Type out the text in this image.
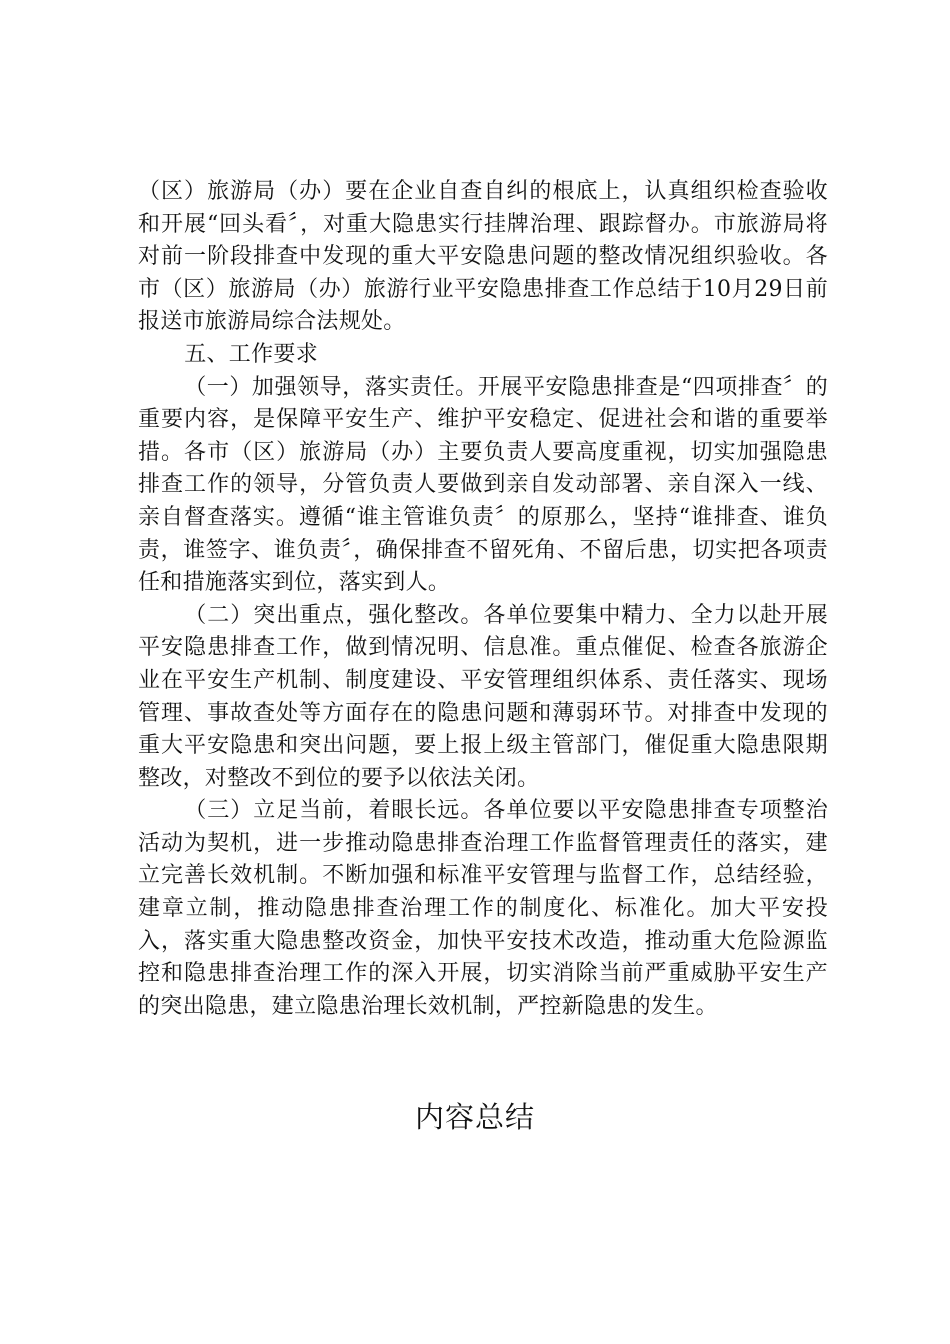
（区）旅游局（办）要在企业自查自纠的根底上，认真组织检查验收和开展“回头看〞，对重大隐患实行挂牌治理、跟踪督办。市旅游局将对前一阶段排查中发现的重大平安隐患问题的整改情况组织验收。各市（区）旅游局（办）旅游行业平安隐患排查工作总结于10月29日前报送市旅游局综合法规处。

五、工作要求

（一）加强领导，落实责任。开展平安隐患排查是“四项排查〞的重要内容，是保障平安生产、维护平安稳定、促进社会和谐的重要举措。各市（区）旅游局（办）主要负责人要高度重视，切实加强隐患排查工作的领导，分管负责人要做到亲自发动部署、亲自深入一线、亲自督查落实。遵循“谁主管谁负责〞的原那么，坚持“谁排查、谁负责，谁签字、谁负责〞，确保排查不留死角、不留后患，切实把各项责任和措施落实到位，落实到人。

（二）突出重点，强化整改。各单位要集中精力、全力以赴开展平安隐患排查工作，做到情况明、信息准。重点催促、检查各旅游企业在平安生产机制、制度建设、平安管理组织体系、责任落实、现场管理、事故查处等方面存在的隐患问题和薄弱环节。对排查中发现的重大平安隐患和突出问题，要上报上级主管部门，催促重大隐患限期整改，对整改不到位的要予以依法关闭。

（三）立足当前，着眼长远。各单位要以平安隐患排查专项整治活动为契机，进一步推动隐患排查治理工作监督管理责任的落实，建立完善长效机制。不断加强和标准平安管理与监督工作，总结经验，建章立制，推动隐患排查治理工作的制度化、标准化。加大平安投入，落实重大隐患整改资金，加快平安技术改造，推动重大危险源监控和隐患排查治理工作的深入开展，切实消除当前严重威胁平安生产的突出隐患，建立隐患治理长效机制，严控新隐患的发生。

内容总结
